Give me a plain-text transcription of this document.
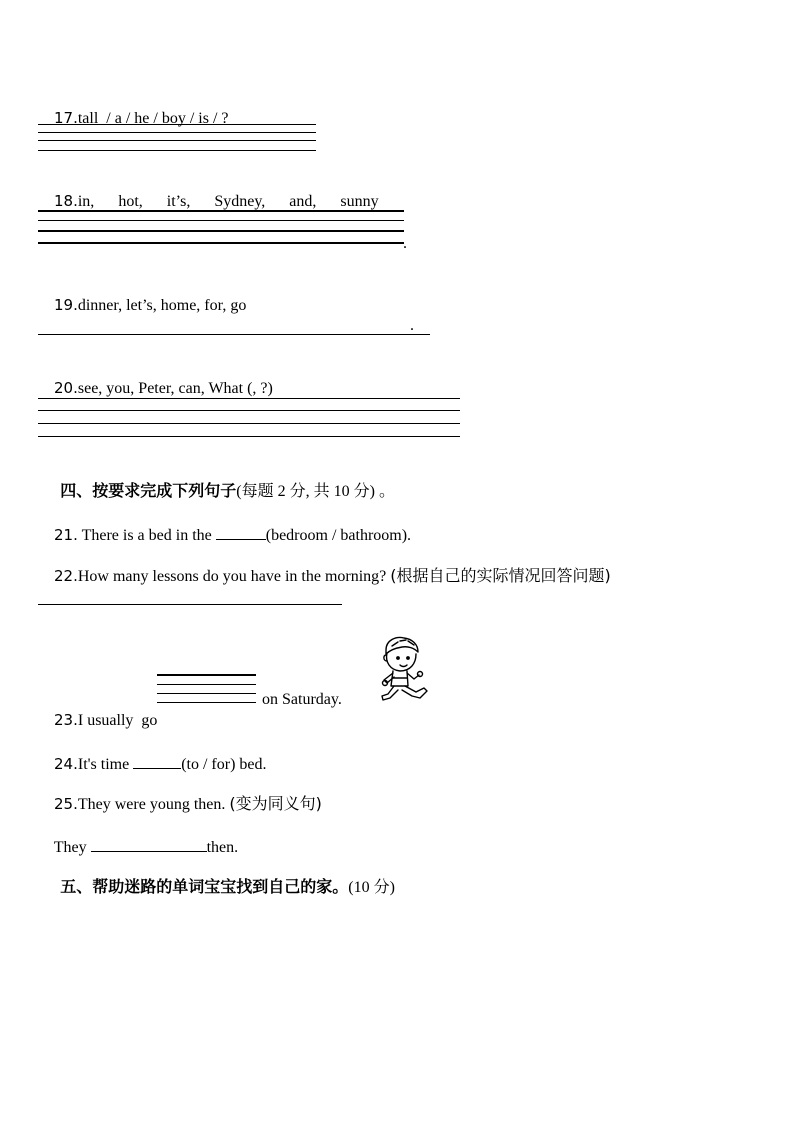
17.tall  / a / he / boy / is / ?

18.in, hot, it’s, Sydney, and, sunny

.

19.dinner, let’s, home, for, go

.

20.see, you, Peter, can, What (, ?)

四、按要求完成下列句子(每题 2 分, 共 10 分) 。

21. There is a bed in the	(bedroom / bathroom).

22.How many lessons do you have in the morning? (根据自己的实际情况回答问题)

23.I usually  go

on Saturday.

24.It's time	(to / for) bed.

25.They were young then. (变为同义句)

They	then.

五、帮助迷路的单词宝宝找到自己的家。(10 分)
